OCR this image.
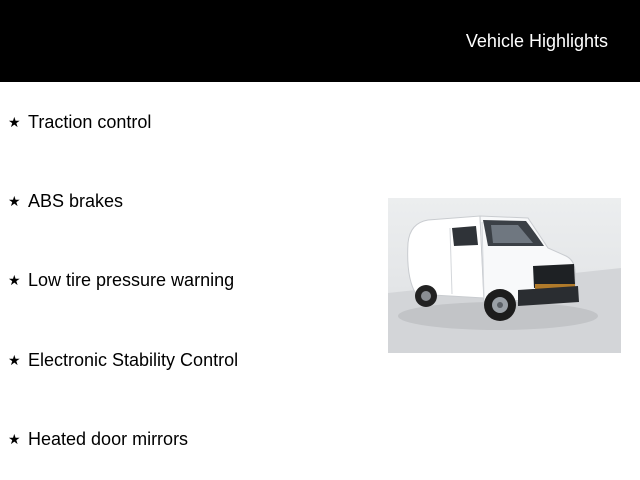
Vehicle Highlights
★ Traction control
★ ABS brakes
★ Low tire pressure warning
★ Electronic Stability Control
★ Heated door mirrors
